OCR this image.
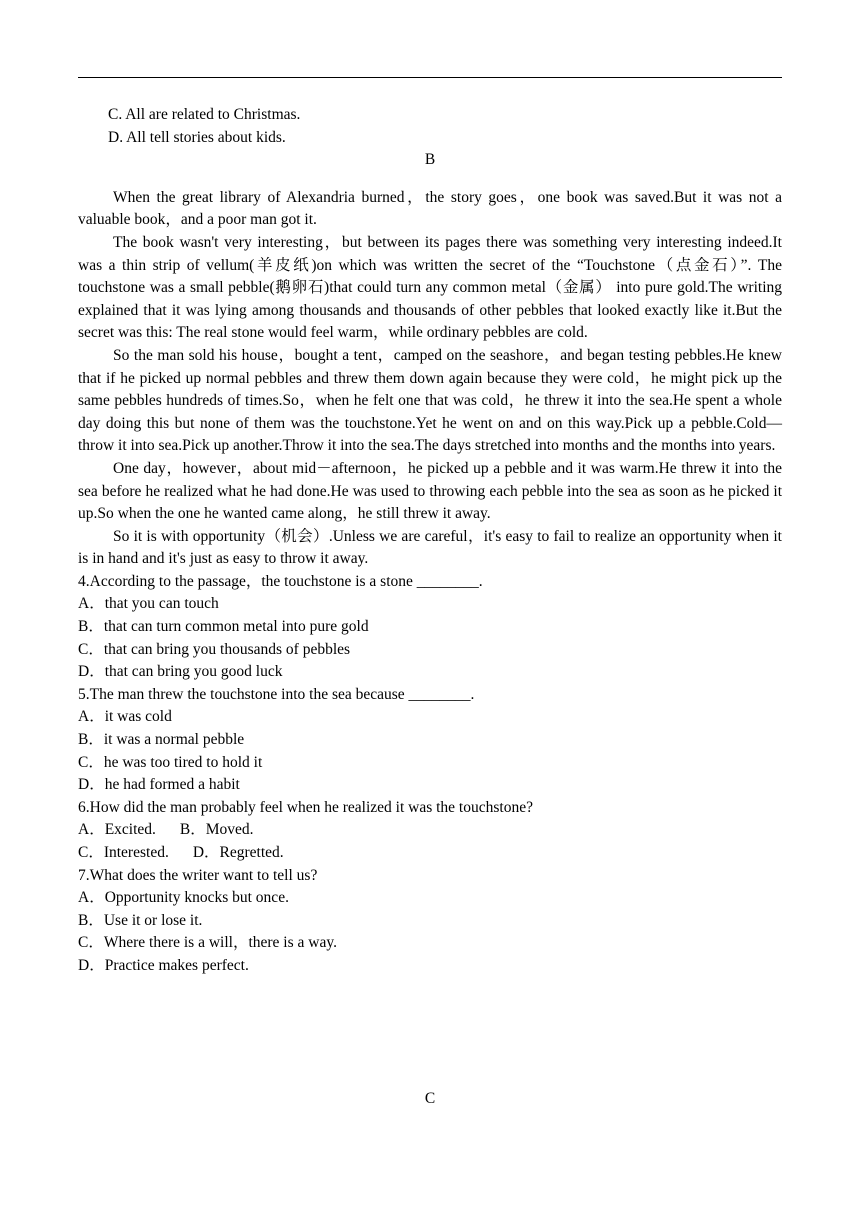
C. All are related to Christmas.
D. All tell stories about kids.
B
When the great library of Alexandria burned，the story goes，one book was saved.But it was not a valuable book，and a poor man got it.
The book wasn't very interesting，but between its pages there was something very interesting indeed.It was a thin strip of vellum(羊皮纸)on which was written the secret of the “Touchstone（点金石）”. The touchstone was a small pebble(鹅卵石)that could turn any common metal（金属） into pure gold.The writing explained that it was lying among thousands and thousands of other pebbles that looked exactly like it.But the secret was this: The real stone would feel warm，while ordinary pebbles are cold.
So the man sold his house，bought a tent，camped on the seashore，and began testing pebbles.He knew that if he picked up normal pebbles and threw them down again because they were cold，he might pick up the same pebbles hundreds of times.So，when he felt one that was cold，he threw it into the sea.He spent a whole day doing this but none of them was the touchstone.Yet he went on and on this way.Pick up a pebble.Cold—throw it into sea.Pick up another.Throw it into the sea.The days stretched into months and the months into years.
One day，however，about mid－afternoon，he picked up a pebble and it was warm.He threw it into the sea before he realized what he had done.He was used to throwing each pebble into the sea as soon as he picked it up.So when the one he wanted came along，he still threw it away.
So it is with opportunity（机会）.Unless we are careful，it's easy to fail to realize an opportunity when it is in hand and it's just as easy to throw it away.
4.According to the passage，the touchstone is a stone ________.
A．that you can touch
B．that can turn common metal into pure gold
C．that can bring you thousands of pebbles
D．that can bring you good luck
5.The man threw the touchstone into the sea because ________.
A．it was cold
B．it was a normal pebble
C．he was too tired to hold it
D．he had formed a habit
6.How did the man probably feel when he realized it was the touchstone?
A．Excited. B．Moved.
C．Interested. D．Regretted.
7.What does the writer want to tell us?
A．Opportunity knocks but once.
B．Use it or lose it.
C．Where there is a will，there is a way.
D．Practice makes perfect.
C
